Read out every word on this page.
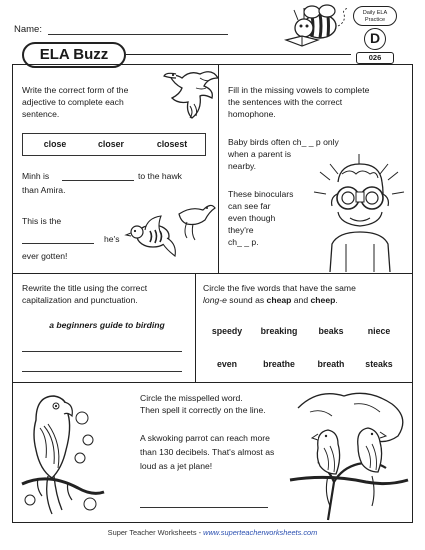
Name:
ELA Buzz
Daily ELA
Practice
D
026
Write the correct form of the
adjective to complete each
sentence.
close	closer	closest
Minh is	to the hawk
than Amira.
This is the
he's
ever gotten!
Fill in the missing vowels to complete
the sentences with the correct
homophone.
Baby birds often ch_ _ p only
when a parent is
nearby.
These binoculars
can see far
even though
they're
ch_ _ p.
Rewrite the title using the correct
capitalization and punctuation.
a beginners guide to birding
Circle the five words that have the same
long-e sound as cheap and cheep.
speedy	breaking	beaks	niece
even	breathe	breath	steaks
Circle the misspelled word.
Then spell it correctly on the line.
A skwoking parrot can reach more
than 130 decibels. That's almost as
loud as a jet plane!
Super Teacher Worksheets - www.superteacherworksheets.com
